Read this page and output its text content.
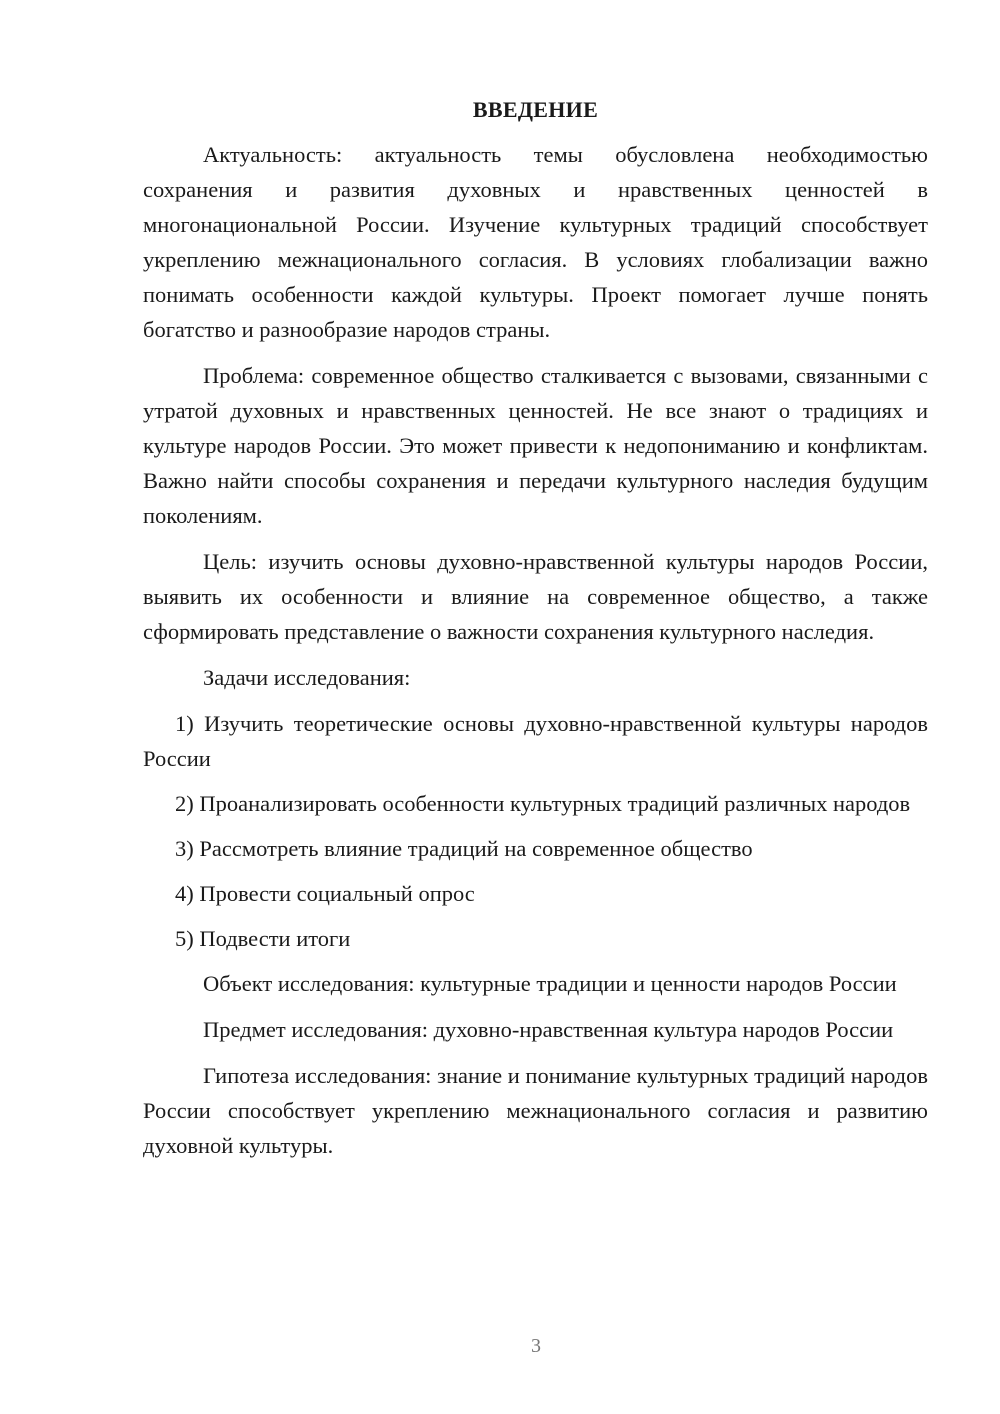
ВВЕДЕНИЕ

Актуальность: актуальность темы обусловлена необходимостью сохранения и развития духовных и нравственных ценностей в многонациональной России. Изучение культурных традиций способствует укреплению межнационального согласия. В условиях глобализации важно понимать особенности каждой культуры. Проект помогает лучше понять богатство и разнообразие народов страны.

Проблема: современное общество сталкивается с вызовами, связанными с утратой духовных и нравственных ценностей. Не все знают о традициях и культуре народов России. Это может привести к недопониманию и конфликтам. Важно найти способы сохранения и передачи культурного наследия будущим поколениям.

Цель: изучить основы духовно-нравственной культуры народов России, выявить их особенности и влияние на современное общество, а также сформировать представление о важности сохранения культурного наследия.

Задачи исследования:

1) Изучить теоретические основы духовно-нравственной культуры народов России

2) Проанализировать особенности культурных традиций различных народов

3) Рассмотреть влияние традиций на современное общество

4) Провести социальный опрос

5) Подвести итоги

Объект исследования: культурные традиции и ценности народов России

Предмет исследования: духовно-нравственная культура народов России

Гипотеза исследования: знание и понимание культурных традиций народов России способствует укреплению межнационального согласия и развитию духовной культуры.

3
